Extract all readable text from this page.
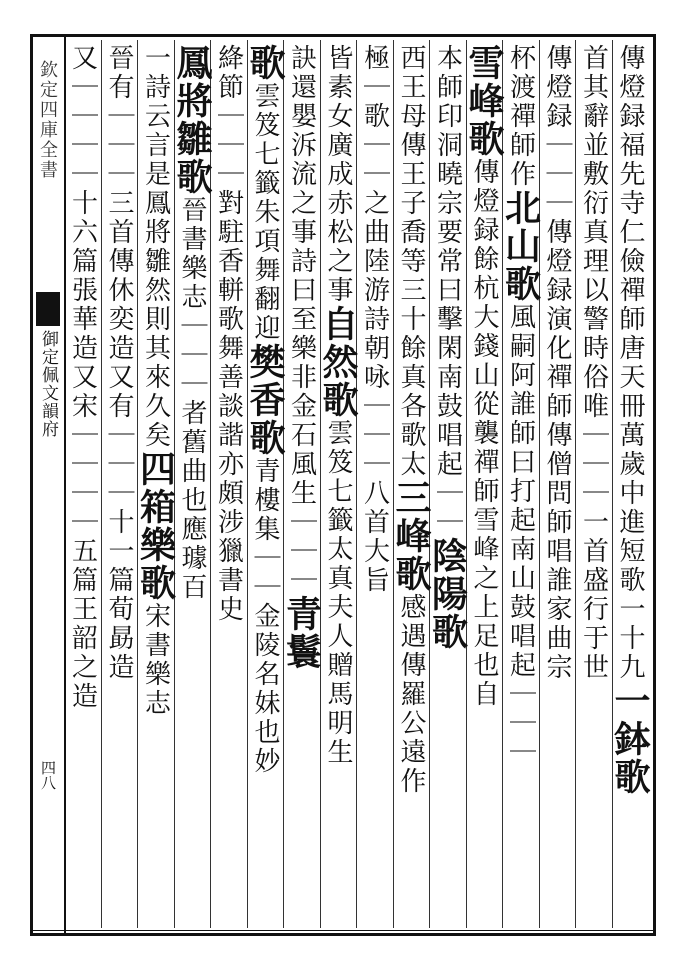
欽定四庫全書
御定佩文韻府
四八
傳燈録福先寺仁儉禪師唐天冊萬歲中進短歌一十九一鉢歌
首其辭並敷衍真理以警時俗唯｜｜｜一首盛行于世
傳燈録｜｜｜傳燈録演化禪師傳僧問師唱誰家曲宗
杯渡禪師作北山歌風嗣阿誰師曰打起南山鼓唱起｜｜｜
雪峰歌傳燈録餘杭大錢山從襲禪師雪峰之上足也自
本師印洞曉宗要常曰擊閑南鼓唱起｜｜陰陽歌
西王母傳王子喬等三十餘真各歌太三峰歌感遇傳羅公遠作
極｜歌｜｜之曲陸游詩朝咏｜｜｜八首大旨
皆素女廣成赤松之事自然歌雲笈七籤太真夫人贈馬明生
訣還嬰泝流之事詩曰至樂非金石風生｜｜｜青鬟
歌雲笈七籤朱項舞翻迎樊香歌青樓集｜｜金陵名妹也妙
絳節｜｜｜對駐香軿歌舞善談諧亦頗涉獵書史
鳳將雛歌晉書樂志｜｜｜者舊曲也應璩百
一詩云言是鳳將雛然則其來久矣四箱樂歌宋書樂志
晉有｜｜｜三首傳休奕造又有｜｜｜十一篇荀勗造
又｜｜｜｜十六篇張華造又宋｜｜｜｜五篇王韶之造
